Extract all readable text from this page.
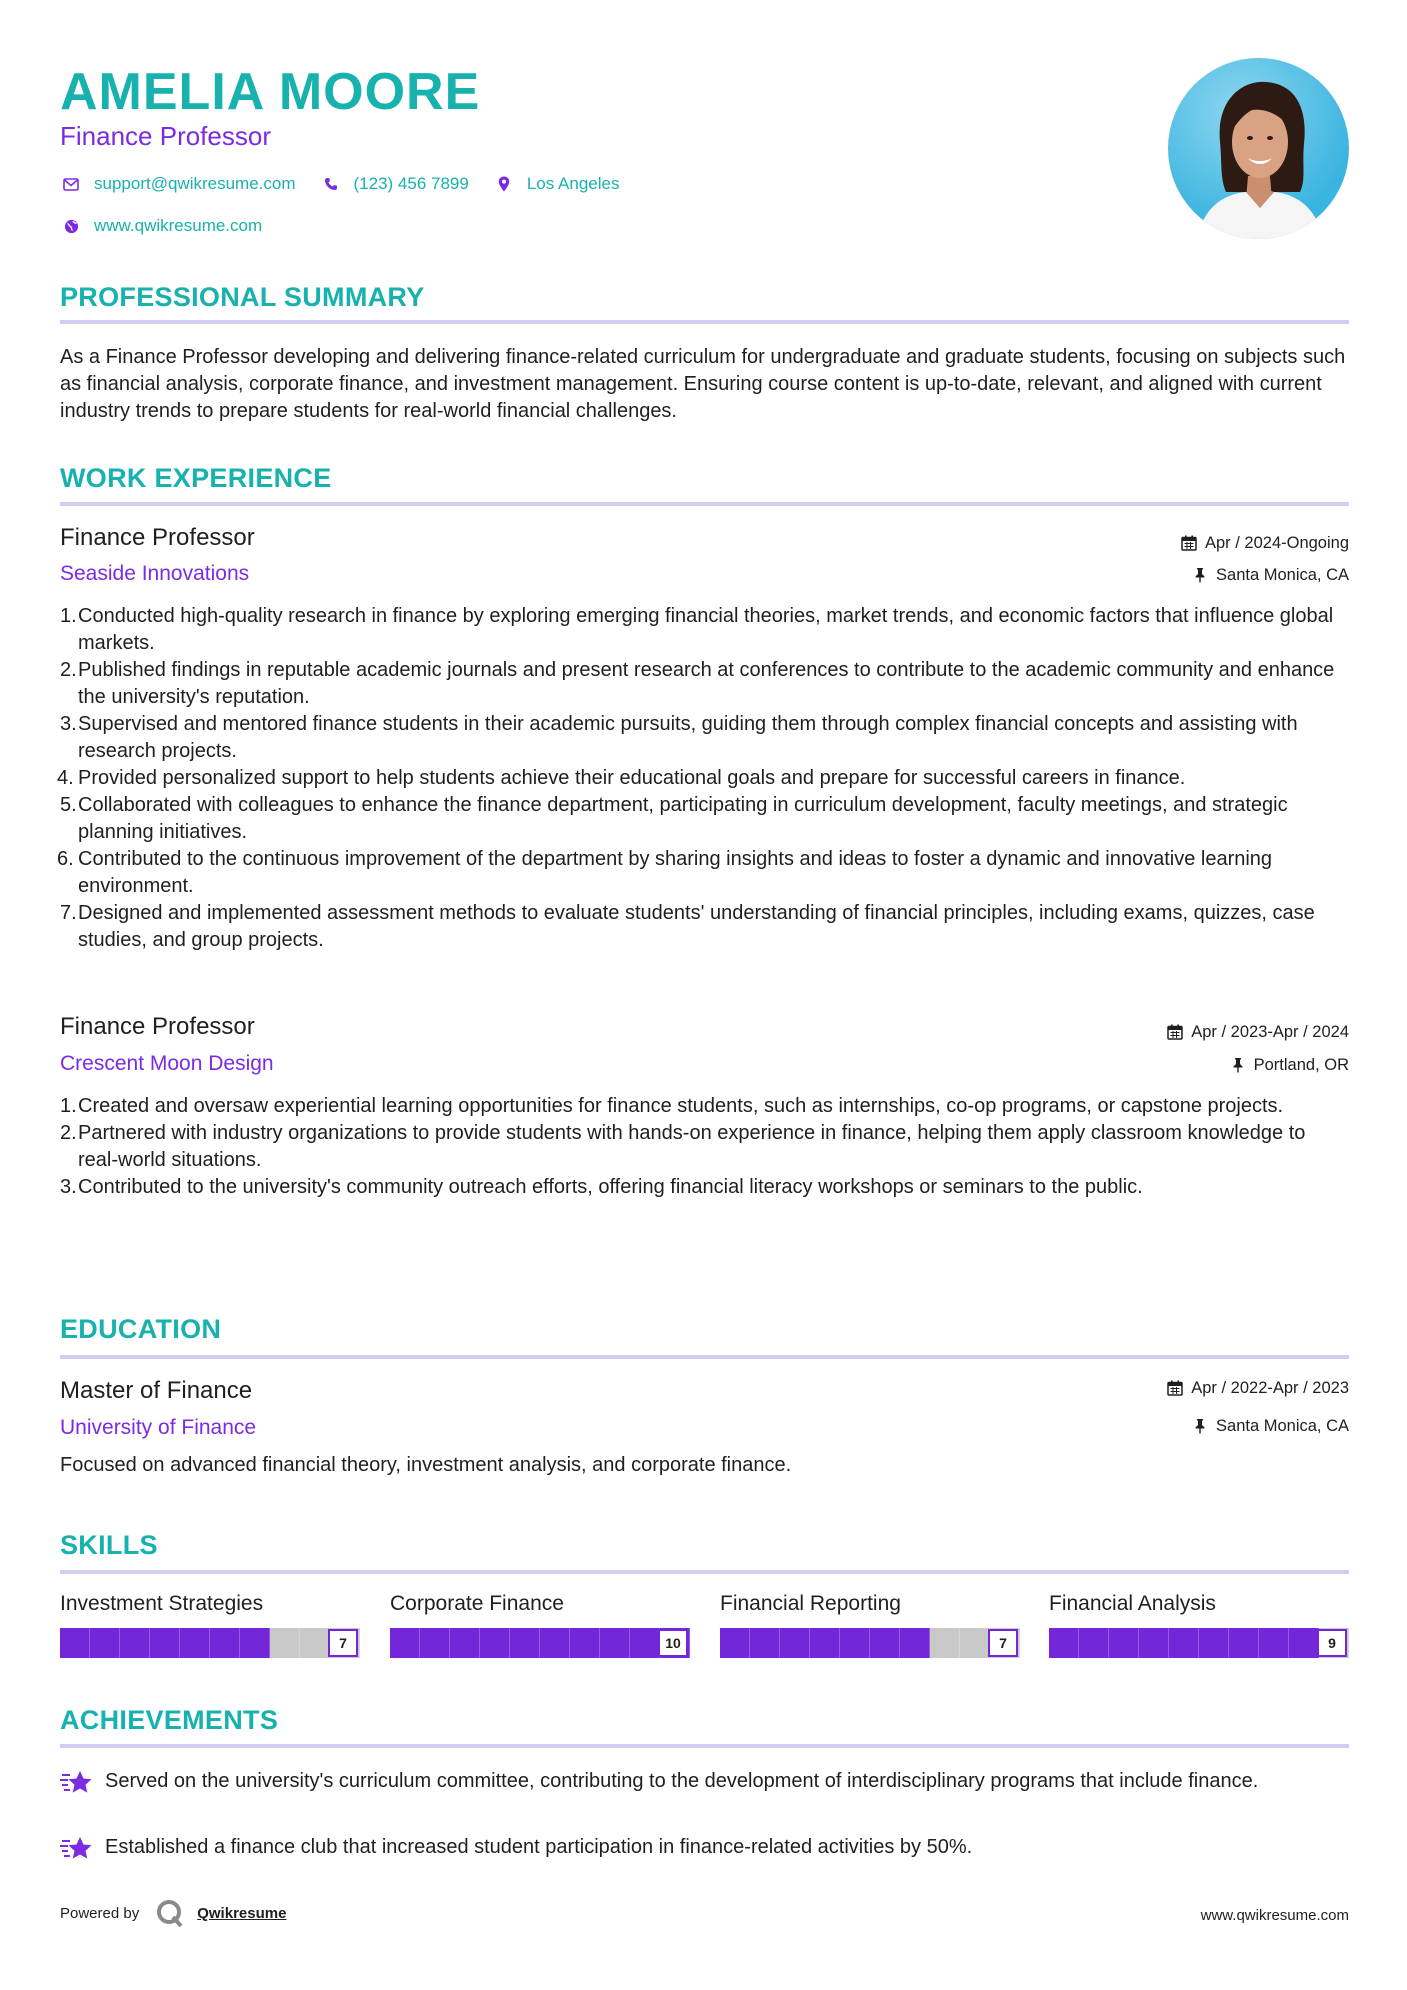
AMELIA MOORE
Finance Professor
support@qwikresume.com	(123) 456 7899	Los Angeles
www.qwikresume.com
PROFESSIONAL SUMMARY
As a Finance Professor developing and delivering finance-related curriculum for undergraduate and graduate students, focusing on subjects such as financial analysis, corporate finance, and investment management. Ensuring course content is up-to-date, relevant, and aligned with current industry trends to prepare students for real-world financial challenges.
WORK EXPERIENCE
Finance Professor	Apr / 2024-Ongoing
Seaside Innovations	Santa Monica, CA
1. Conducted high-quality research in finance by exploring emerging financial theories, market trends, and economic factors that influence global markets.
2. Published findings in reputable academic journals and present research at conferences to contribute to the academic community and enhance the university's reputation.
3. Supervised and mentored finance students in their academic pursuits, guiding them through complex financial concepts and assisting with research projects.
4. Provided personalized support to help students achieve their educational goals and prepare for successful careers in finance.
5. Collaborated with colleagues to enhance the finance department, participating in curriculum development, faculty meetings, and strategic planning initiatives.
6. Contributed to the continuous improvement of the department by sharing insights and ideas to foster a dynamic and innovative learning environment.
7. Designed and implemented assessment methods to evaluate students' understanding of financial principles, including exams, quizzes, case studies, and group projects.
Finance Professor	Apr / 2023-Apr / 2024
Crescent Moon Design	Portland, OR
1. Created and oversaw experiential learning opportunities for finance students, such as internships, co-op programs, or capstone projects.
2. Partnered with industry organizations to provide students with hands-on experience in finance, helping them apply classroom knowledge to real-world situations.
3. Contributed to the university's community outreach efforts, offering financial literacy workshops or seminars to the public.
EDUCATION
Master of Finance	Apr / 2022-Apr / 2023
University of Finance	Santa Monica, CA
Focused on advanced financial theory, investment analysis, and corporate finance.
SKILLS
Investment Strategies
7
Corporate Finance
10
Financial Reporting
7
Financial Analysis
9
ACHIEVEMENTS
Served on the university's curriculum committee, contributing to the development of interdisciplinary programs that include finance.
Established a finance club that increased student participation in finance-related activities by 50%.
Powered by	Qwikresume	www.qwikresume.com
